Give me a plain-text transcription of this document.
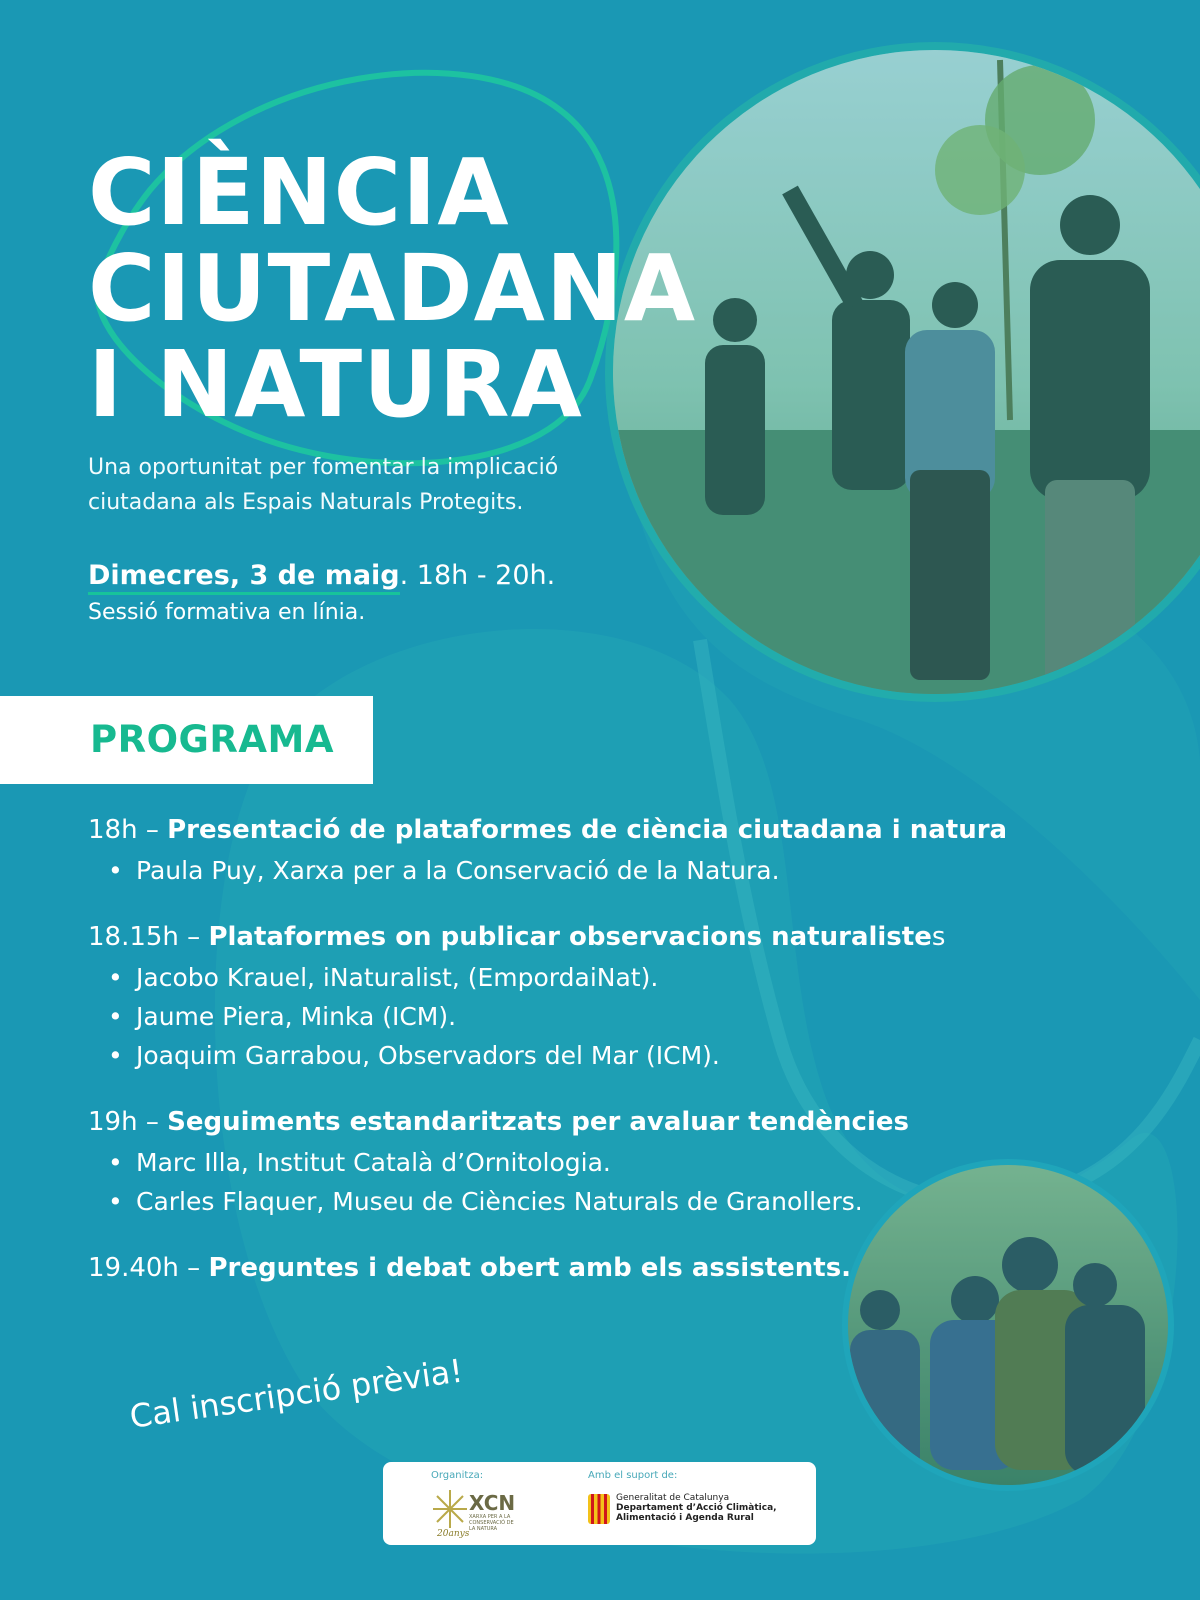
CIÈNCIA
CIUTADANA
I NATURA
Una oportunitat per fomentar la implicació ciutadana als Espais Naturals Protegits.
Dimecres, 3 de maig. 18h - 20h.
Sessió formativa en línia.
PROGRAMA
18h – Presentació de plataformes de ciència ciutadana i natura
• Paula Puy, Xarxa per a la Conservació de la Natura.
18.15h – Plataformes on publicar observacions naturalistes
• Jacobo Krauel, iNaturalist, (EmpordaiNat).
• Jaume Piera, Minka (ICM).
• Joaquim Garrabou, Observadors del Mar (ICM).
19h – Seguiments estandaritzats per avaluar tendències
• Marc Illa, Institut Català d’Ornitologia.
• Carles Flaquer, Museu de Ciències Naturals de Granollers.
19.40h – Preguntes i debat obert amb els assistents.
Cal inscripció prèvia!
Organitza:
20anys
XCN
XARXA PER A LA CONSERVACIÓ DE LA NATURA
Amb el suport de:
Generalitat de Catalunya
Departament d’Acció Climàtica,
Alimentació i Agenda Rural
